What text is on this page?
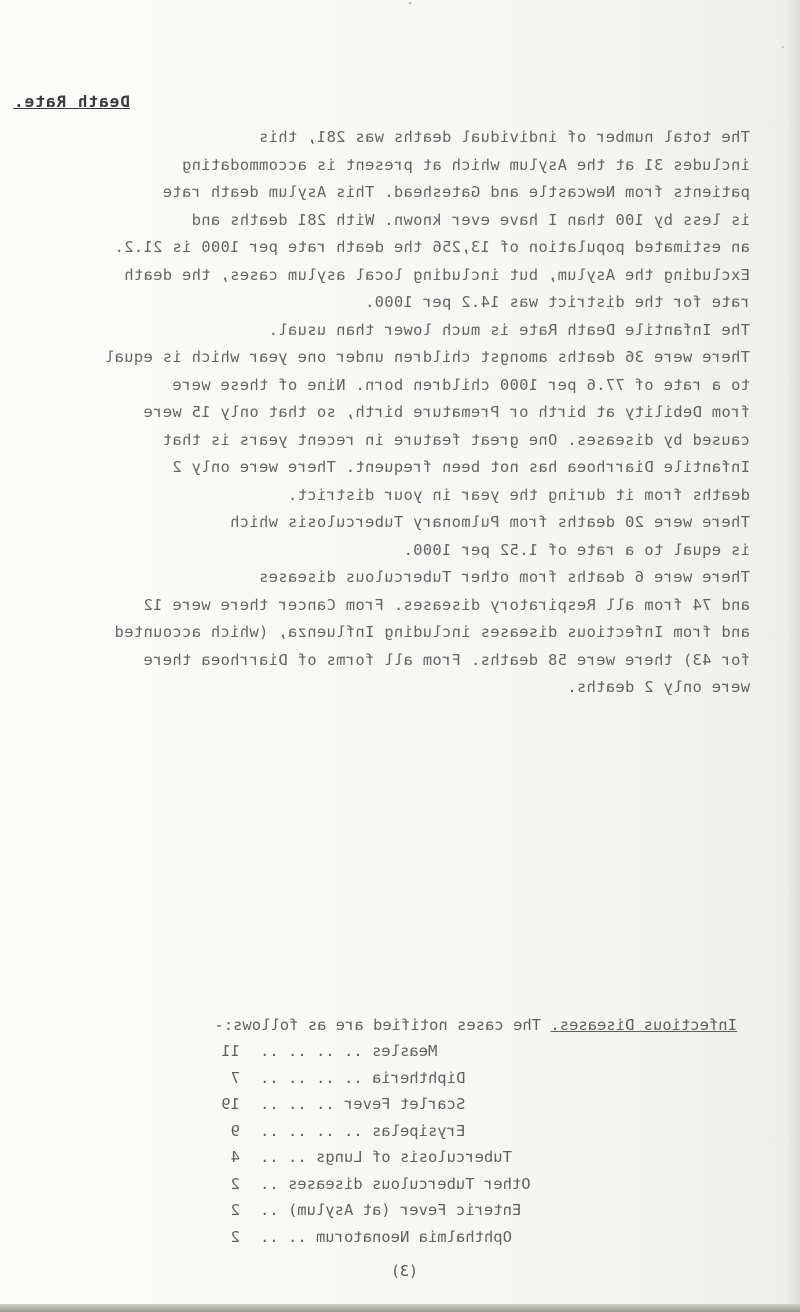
Death Rate.
The total number of individual deaths was 281, this
includes 31 at the Asylum which at present is accommodating
patients from Newcastle and Gateshead. This Asylum death rate
is less by 100 than I have ever known. With 281 deaths and
an estimated population of 13,256 the death rate per 1000 is 21.2.
Excluding the Asylum, but including local asylum cases, the death
rate for the district was 14.2 per 1000.
The Infantile Death Rate is much lower than usual.
There were 36 deaths amongst children under one year which is equal
to a rate of 77.6 per 1000 children born. Nine of these were
from Debility at birth or Premature birth, so that only 15 were
caused by diseases. One great feature in recent years is that
Infantile Diarrhoea has not been frequent. There were only 2
deaths from it during the year in your district.
There were 20 deaths from Pulmonary Tuberculosis which
is equal to a rate of 1.52 per 1000.
There were 6 deaths from other Tuberculous diseases
and 74 from all Respiratory diseases. From Cancer there were 12
and from Infectious diseases including Influenza, (which accounted
for 43) there were 58 deaths. From all forms of Diarrhoea there
were only 2 deaths.
Infectious Diseases. The cases notified are as follows:-
Measles .. .. .. ..
11
Diphtheria .. .. .. ..
7
Scarlet Fever .. .. ..
19
Erysipelas .. .. .. ..
9
Tuberculosis of Lungs .. ..
4
Other Tuberculous diseases ..
2
Enteric Fever (at Asylum) ..
2
Ophthalmia Neonatorum .. ..
2
(3)
ˇ
ˊ
